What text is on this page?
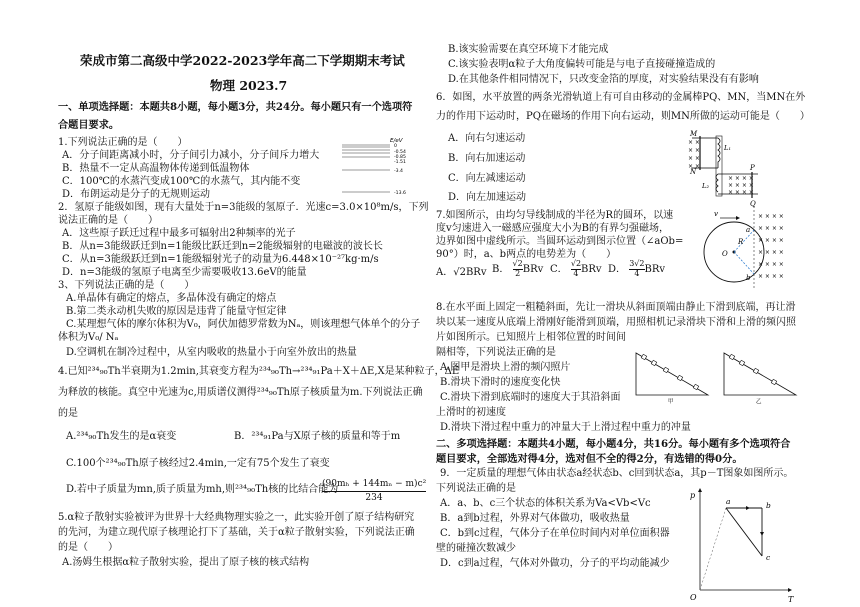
荣成市第二高级中学2022-2023学年高二下学期期末考试
物理 2023.7
一、单项选择题：本题共8小题，每小题3分，共24分。每小题只有一个选项符
合题目要求。
1.下列说法正确的是（　　）
A．分子间距离减小时，分子间引力减小，分子间斥力增大
B．热量不一定从高温物体传递到低温物体
C．100℃的水蒸汽变成100℃的水蒸气，其内能不变
D．布朗运动是分子的无规则运动
E/eV
0
-0.54
-0.85
-1.51
-3.4
-13.6
2．氢原子能级如图，现有大量处于n=3能级的氢原子．光速c=3.0×10⁸m/s，下列
说法正确的是（　　）
A．这些原子跃迁过程中最多可辐射出2种频率的光子
B．从n=3能级跃迁到n=1能级比跃迁到n=2能级辐射的电磁波的波长长
C．从n=3能级跃迁到n=1能级辐射光子的动量为6.448×10⁻²⁷kg·m/s
D．n=3能级的氢原子电离至少需要吸收13.6eV的能量
3、下列说法正确的是（　　）
A.单晶体有确定的熔点，多晶体没有确定的熔点
B.第二类永动机失败的原因是违背了能量守恒定律
C.某理想气体的摩尔体积为V₀，阿伏加德罗常数为Nₐ，则该理想气体单个的分子
体积为V₀/ Nₐ
D.空调机在制冷过程中，从室内吸收的热量小于向室外放出的热量
4.已知²³⁴₉₀Th半衰期为1.2min,其衰变方程为²³⁴₉₀Th→²³⁴₉₁Pa＋X＋ΔE,X是某种粒子，ΔE
为释放的核能。真空中光速为c,用质谱仪测得²³⁴₉₀Th原子核质量为m.下列说法正确
的是
A.²³⁴₉₀Th发生的是α衰变	B．²³⁴₉₁Pa与X原子核的质量和等于m
C.100个²³⁴₉₀Th原子核经过2.4min,一定有75个发生了衰变
D.若中子质量为mn,质子质量为mh,则²³⁴₉₀Th核的比结合能为
$\frac{\text{(90mₕ + 144mₙ − m)c²}}{234}$
5.α粒子散射实验被评为世界十大经典物理实验之一，此实验开创了原子结构研究
的先河，为建立现代原子核理论打下了基础，关于α粒子散射实验，下列说法正确
的是（　　）
A.汤姆生根据α粒子散射实验，提出了原子核的核式结构
B.该实验需要在真空环境下才能完成
C.该实验表明α粒子大角度偏转可能是与电子直接碰撞造成的
D.在其他条件相同情况下，只改变金箔的厚度，对实验结果没有有影响
6．如图，水平放置的两条光滑轨道上有可自由移动的金属棒PQ、MN，当MN在外
力的作用下运动时，PQ在磁场的作用下向右运动，则MN所做的运动可能是（　　）
A．向右匀速运动
B．向右加速运动
C．向左减速运动
D．向左加速运动
M
N
× ×
× ×
× ×
× ×
L₁
L₂
× × × ×
× × × ×
× × × ×
P
Q
7.如图所示，由均匀导线制成的半径为R的圆环，以速
度v匀速进入一磁感应强度大小为B的有界匀强磁场，
边界如图中虚线所示。当圆环运动到图示位置（∠aOb=
90°）时，a、b两点的电势差为（　　）
A．√2BRv B． $\frac{√2}{2}$ BRv C． $\frac{√2}{4}$ BRv D． $\frac{3√2}{4}$ BRv
v	× × × ×
× × × ×
× × × ×
× × × ×
× × × ×
× × × ×
O
a
b
R
8.在水平面上固定一粗糙斜面，先让一滑块从斜面顶端由静止下滑到底端，再让滑
块以某一速度从底端上滑刚好能滑到顶端，用照相机记录滑块下滑和上滑的频闪照
片如图所示。已知照片上相邻位置的时间间
隔相等，下列说法正确的是
A.图甲是滑块上滑的频闪照片
B.滑块下滑时的速度变化快
C.滑块下滑到底端时的速度大于其沿斜面
上滑时的初速度
D.滑块下滑过程中重力的冲量大于上滑过程中重力的冲量
甲	乙
二、多项选择题：本题共4小题，每小题4分，共16分。每小题有多个选项符合
题目要求，全部选对得4分，选对但不全的得2分，有选错的得0分。
9．一定质量的理想气体由状态a经状态b、c回到状态a，其p－T图象如图所示。
下列说法正确的是
A．a、b、c三个状态的体积关系为Va<Vb<Vc
B．a到b过程，外界对气体做功，吸收热量
C．b到c过程，气体分子在单位时间内对单位面积器
壁的碰撞次数减少
D．c到a过程，气体对外做功，分子的平均动能减少
p
T
O
a	b
c
